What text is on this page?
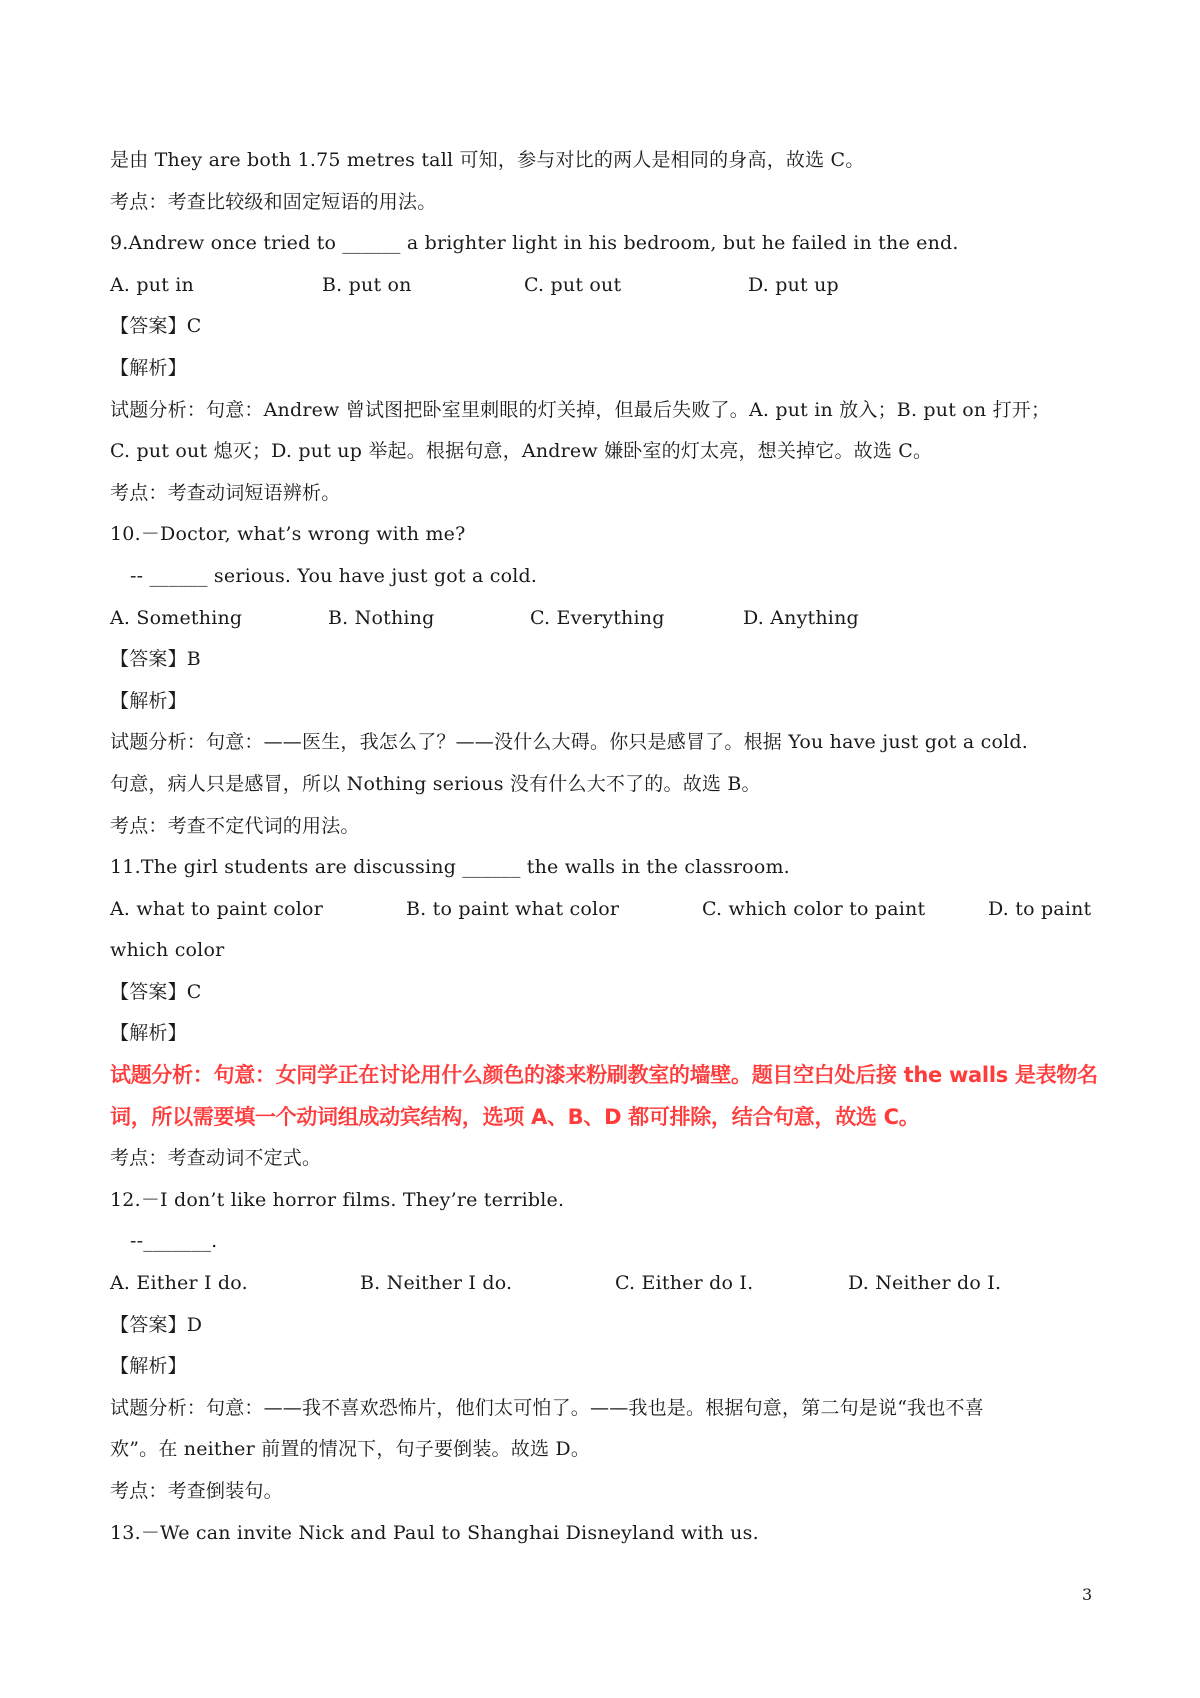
是由 They are both 1.75 metres tall 可知，参与对比的两人是相同的身高，故选 C。
考点：考查比较级和固定短语的用法。
9.Andrew once tried to ______ a brighter light in his bedroom, but he failed in the end.
A. put in	B. put on	C. put out	D. put up
【答案】C
【解析】
试题分析：句意：Andrew 曾试图把卧室里刺眼的灯关掉，但最后失败了。A. put in 放入；B. put on 打开；
C. put out 熄灭；D. put up 举起。根据句意，Andrew 嫌卧室的灯太亮，想关掉它。故选 C。
考点：考查动词短语辨析。
10.－Doctor, what’s wrong with me?
-- ______ serious. You have just got a cold.
A. Something	B. Nothing	C. Everything	D. Anything
【答案】B
【解析】
试题分析：句意：——医生，我怎么了？——没什么大碍。你只是感冒了。根据 You have just got a cold.
句意，病人只是感冒，所以 Nothing serious 没有什么大不了的。故选 B。
考点：考查不定代词的用法。
11.The girl students are discussing ______ the walls in the classroom.
A. what to paint color	B. to paint what color	C. which color to paint	D. to paint
which color
【答案】C
【解析】
试题分析：句意：女同学正在讨论用什么颜色的漆来粉刷教室的墙壁。题目空白处后接 the walls 是表物名
词，所以需要填一个动词组成动宾结构，选项 A、B、D 都可排除，结合句意，故选 C。
考点：考查动词不定式。
12.－I don’t like horror films. They’re terrible.
--_______.
A. Either I do.	B. Neither I do.	C. Either do I.	D. Neither do I.
【答案】D
【解析】
试题分析：句意：——我不喜欢恐怖片，他们太可怕了。——我也是。根据句意，第二句是说“我也不喜
欢”。在 neither 前置的情况下，句子要倒装。故选 D。
考点：考查倒装句。
13.－We can invite Nick and Paul to Shanghai Disneyland with us.
3
